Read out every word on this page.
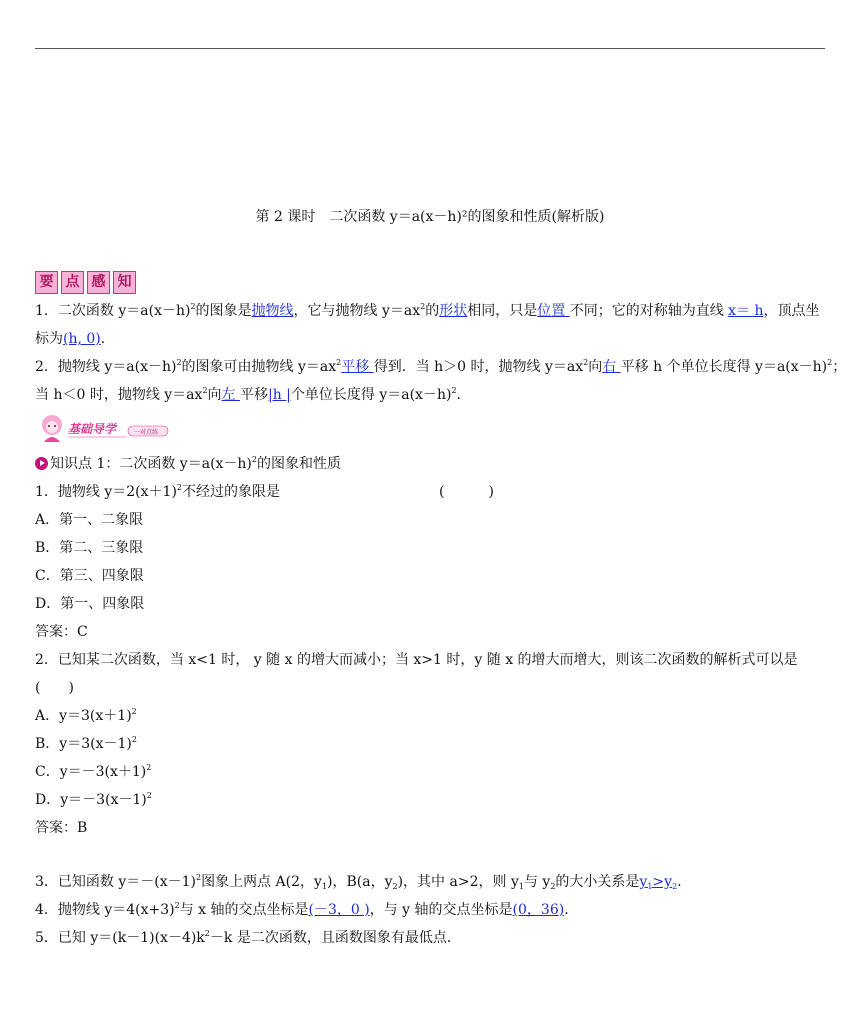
第 2 课时　二次函数 y＝a(x－h)²的图象和性质(解析版)
要 点 感 知
1．二次函数 $y=a(x-h)^2$的图象是抛物线，它与抛物线 $y=ax^2$的形状相同，只是位置 不同；它的对称轴为直线 x＝ h，顶点坐
标为(h, 0).
2．抛物线 $y=a(x-h)^2$的图象可由抛物线 $y=ax^2$平移 得到．当 h＞0 时，抛物线 $y=ax^2$向右 平移 h 个单位长度得 $y=a(x-h)^2$；
当 h＜0 时，抛物线 $y=ax^2$向左 平移|h |个单位长度得 $y=a(x-h)^2$.
基础导学	一对点练
知识点 1：二次函数 $y=a(x-h)^2$的图象和性质
1．抛物线 $y=2(x+1)^2$不经过的象限是	(	)
A．第一、二象限
B．第二、三象限
C．第三、四象限
D．第一、四象限
答案：C
2．已知某二次函数，当 x<1 时， y 随 x 的增大而减小；当 x>1 时，y 随 x 的增大而增大，则该二次函数的解析式可以是
(　　)
A．$y=3(x+1)^2$
B．$y=3(x-1)^2$
C．$y=-3(x+1)^2$
D．$y=-3(x-1)^2$
答案：B
3．已知函数 $y=-(x-1)^2$图象上两点 A(2，$y_1$)，B(a，$y_2$)，其中 a>2，则 $y_1$与 $y_2$的大小关系是$y_1>y_2$.
4．抛物线 $y=4(x+3)^2$与 x 轴的交点坐标是(－3，0 )，与 y 轴的交点坐标是(0，36).
5．已知 $y=(k-1)(x-4)k^2-k$ 是二次函数，且函数图象有最低点．
